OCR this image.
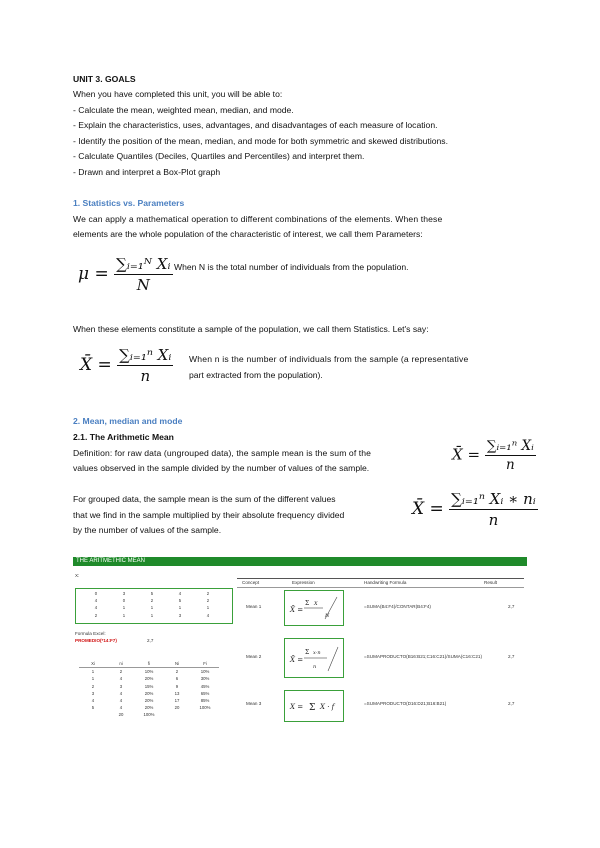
UNIT 3. GOALS
When you have completed this unit, you will be able to:
- Calculate the mean, weighted mean, median, and mode.
- Explain the characteristics, uses, advantages, and disadvantages of each measure of location.
- Identify the position of the mean, median, and mode for both symmetric and skewed distributions.
- Calculate Quantiles (Deciles, Quartiles and Percentiles) and interpret them.
- Drawn and interpret a Box-Plot graph
1. Statistics vs. Parameters
We can apply a mathematical operation to different combinations of the elements. When these
elements are the whole population of the characteristic of interest, we call them Parameters:
$\mu = \frac{\text{∑ᵢ₌₁ᴺ Xᵢ}}{N}$ When N is the total number of individuals from the population.
When these elements constitute a sample of the population, we call them Statistics. Let's say:
X̄ = $\frac{\text{∑ᵢ₌₁ⁿ Xᵢ}}{n}$ When n is the number of individuals from the sample (a representative
part extracted from the population).
2. Mean, median and mode
2.1. The Arithmetic Mean
Definition: for raw data (ungrouped data), the sample mean is the sum of the
values observed in the sample divided by the number of values of the sample.
X̄ = $\frac{\text{∑ᵢ₌₁ⁿ Xᵢ}}{n}$
For grouped data, the sample mean is the sum of the different values
that we find in the sample multiplied by their absolute frequency divided
by the number of values of the sample.
X̄ = $\frac{\text{∑ᵢ₌₁ⁿ Xᵢ ∗ nᵢ}}{n}$
THE ARITMETHIC MEAN
X:
0	3	5	4	2
4	0	2	5	2
4	1	1	1	1
2	1	1	3	4
Formula Excel:
PROMEDIO(*14:F7)	2,7
Xi	ni	fi	Ni	Fi
1	2	10%	2	10%
1	4	20%	6	30%
2	3	15%	9	45%
3	4	20%	13	65%
4	4	20%	17	85%
5	4	20%	20	100%
	20	100%		
Concept	Expression	Handwriting Formula	Result
Mean 1	X̄ =
Σ X
N
=SUMA(B4:F4)/CONTAR(B4:F4)	2,7
Mean 2	X̄ =
Σ x·n
n
=SUMAPRODUCTO(B16:B21;C16:C21)/SUMA(C16:C21)	2,7
Mean 3	X = Σ X · f	=SUMAPRODUCTO(D16:D21;B16:B21)	2,7
